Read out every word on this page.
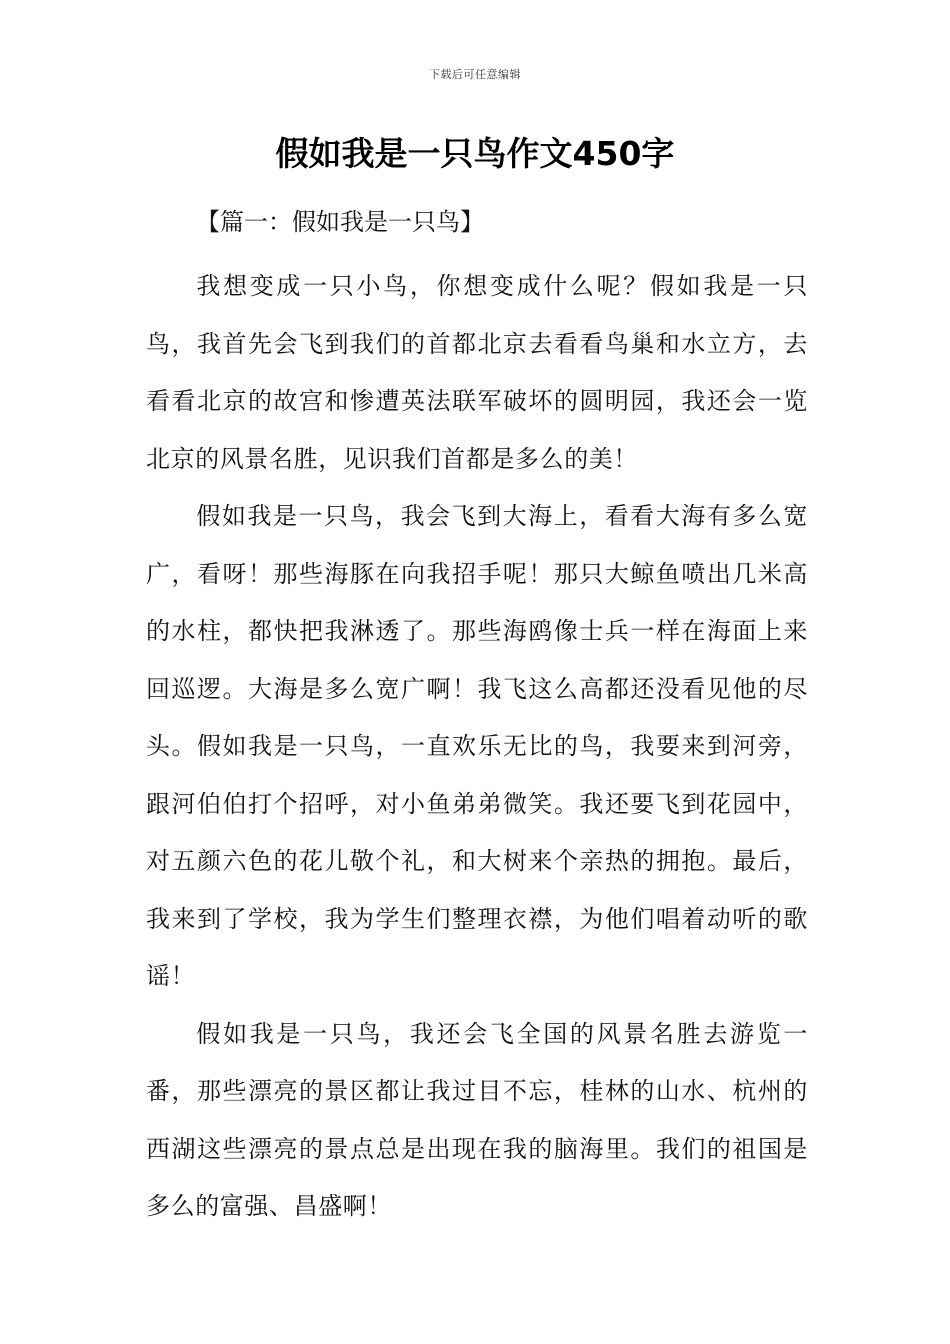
下载后可任意编辑
假如我是一只鸟作文450字

【篇一：假如我是一只鸟】

我想变成一只小鸟，你想变成什么呢？假如我是一只鸟，我首先会飞到我们的首都北京去看看鸟巢和水立方，去看看北京的故宫和惨遭英法联军破坏的圆明园，我还会一览北京的风景名胜，见识我们首都是多么的美！

假如我是一只鸟，我会飞到大海上，看看大海有多么宽广，看呀！那些海豚在向我招手呢！那只大鲸鱼喷出几米高的水柱，都快把我淋透了。那些海鸥像士兵一样在海面上来回巡逻。大海是多么宽广啊！我飞这么高都还没看见他的尽头。假如我是一只鸟，一直欢乐无比的鸟，我要来到河旁，跟河伯伯打个招呼，对小鱼弟弟微笑。我还要飞到花园中，对五颜六色的花儿敬个礼，和大树来个亲热的拥抱。最后，我来到了学校，我为学生们整理衣襟，为他们唱着动听的歌谣！

假如我是一只鸟，我还会飞全国的风景名胜去游览一番，那些漂亮的景区都让我过目不忘，桂林的山水、杭州的西湖这些漂亮的景点总是出现在我的脑海里。我们的祖国是多么的富强、昌盛啊！
